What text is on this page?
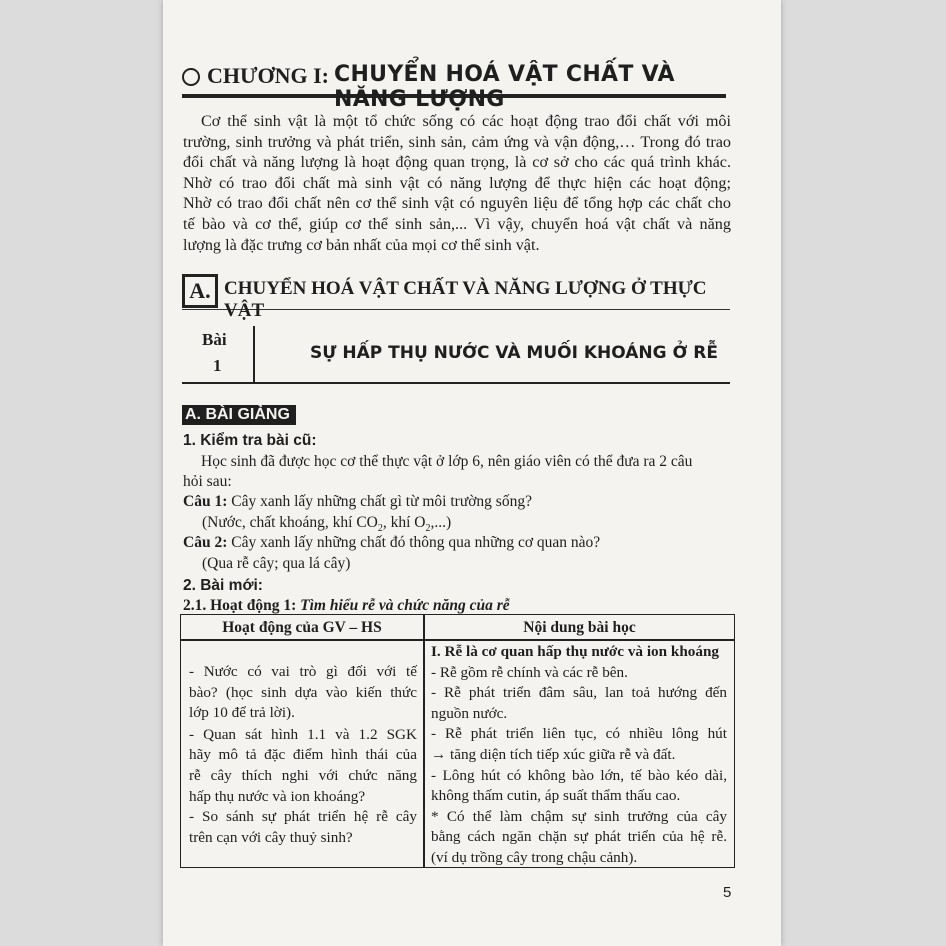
CHƯƠNG I: CHUYỂN HOÁ VẬT CHẤT VÀ NĂNG LƯỢNG
Cơ thể sinh vật là một tổ chức sống có các hoạt động trao đổi chất với môi
trường, sinh trưởng và phát triển, sinh sản, cảm ứng và vận động,… Trong đó trao
đổi chất và năng lượng là hoạt động quan trọng, là cơ sở cho các quá trình khác.
Nhờ có trao đổi chất mà sinh vật có năng lượng để thực hiện các hoạt động;
Nhờ có trao đổi chất nên cơ thể sinh vật có nguyên liệu để tổng hợp các chất cho
tế bào và cơ thể, giúp cơ thể sinh sản,... Vì vậy, chuyển hoá vật chất và năng
lượng là đặc trưng cơ bản nhất của mọi cơ thể sinh vật.
A. CHUYỂN HOÁ VẬT CHẤT VÀ NĂNG LƯỢNG Ở THỰC VẬT
Bài
1
SỰ HẤP THỤ NƯỚC VÀ MUỐI KHOÁNG Ở RỄ
A. BÀI GIẢNG
1. Kiểm tra bài cũ:
Học sinh đã được học cơ thể thực vật ở lớp 6, nên giáo viên có thể đưa ra 2 câu
hỏi sau:
Câu 1: Cây xanh lấy những chất gì từ môi trường sống?
(Nước, chất khoáng, khí $CO_2$, khí $O_2$,...)
Câu 2: Cây xanh lấy những chất đó thông qua những cơ quan nào?
(Qua rễ cây; qua lá cây)
2. Bài mới:
2.1. Hoạt động 1: Tìm hiểu rễ và chức năng của rễ
Hoạt động của GV – HS	Nội dung bài học
- Nước có vai trò gì đối với tế
bào? (học sinh dựa vào kiến thức
lớp 10 để trả lời).
- Quan sát hình 1.1 và 1.2 SGK
hãy mô tả đặc điểm hình thái của
rễ cây thích nghi với chức năng
hấp thụ nước và ion khoáng?
- So sánh sự phát triển hệ rễ cây
trên cạn với cây thuỷ sinh?
I. Rễ là cơ quan hấp thụ nước và ion khoáng
- Rễ gồm rễ chính và các rễ bên.
- Rễ phát triển đâm sâu, lan toả hướng đến
nguồn nước.
- Rễ phát triển liên tục, có nhiều lông hút
→ tăng diện tích tiếp xúc giữa rễ và đất.
- Lông hút có không bào lớn, tế bào kéo dài,
không thấm cutin, áp suất thẩm thấu cao.
* Có thể làm chậm sự sinh trưởng của cây
bằng cách ngăn chặn sự phát triển của hệ rễ.
(ví dụ trồng cây trong chậu cảnh).
5
